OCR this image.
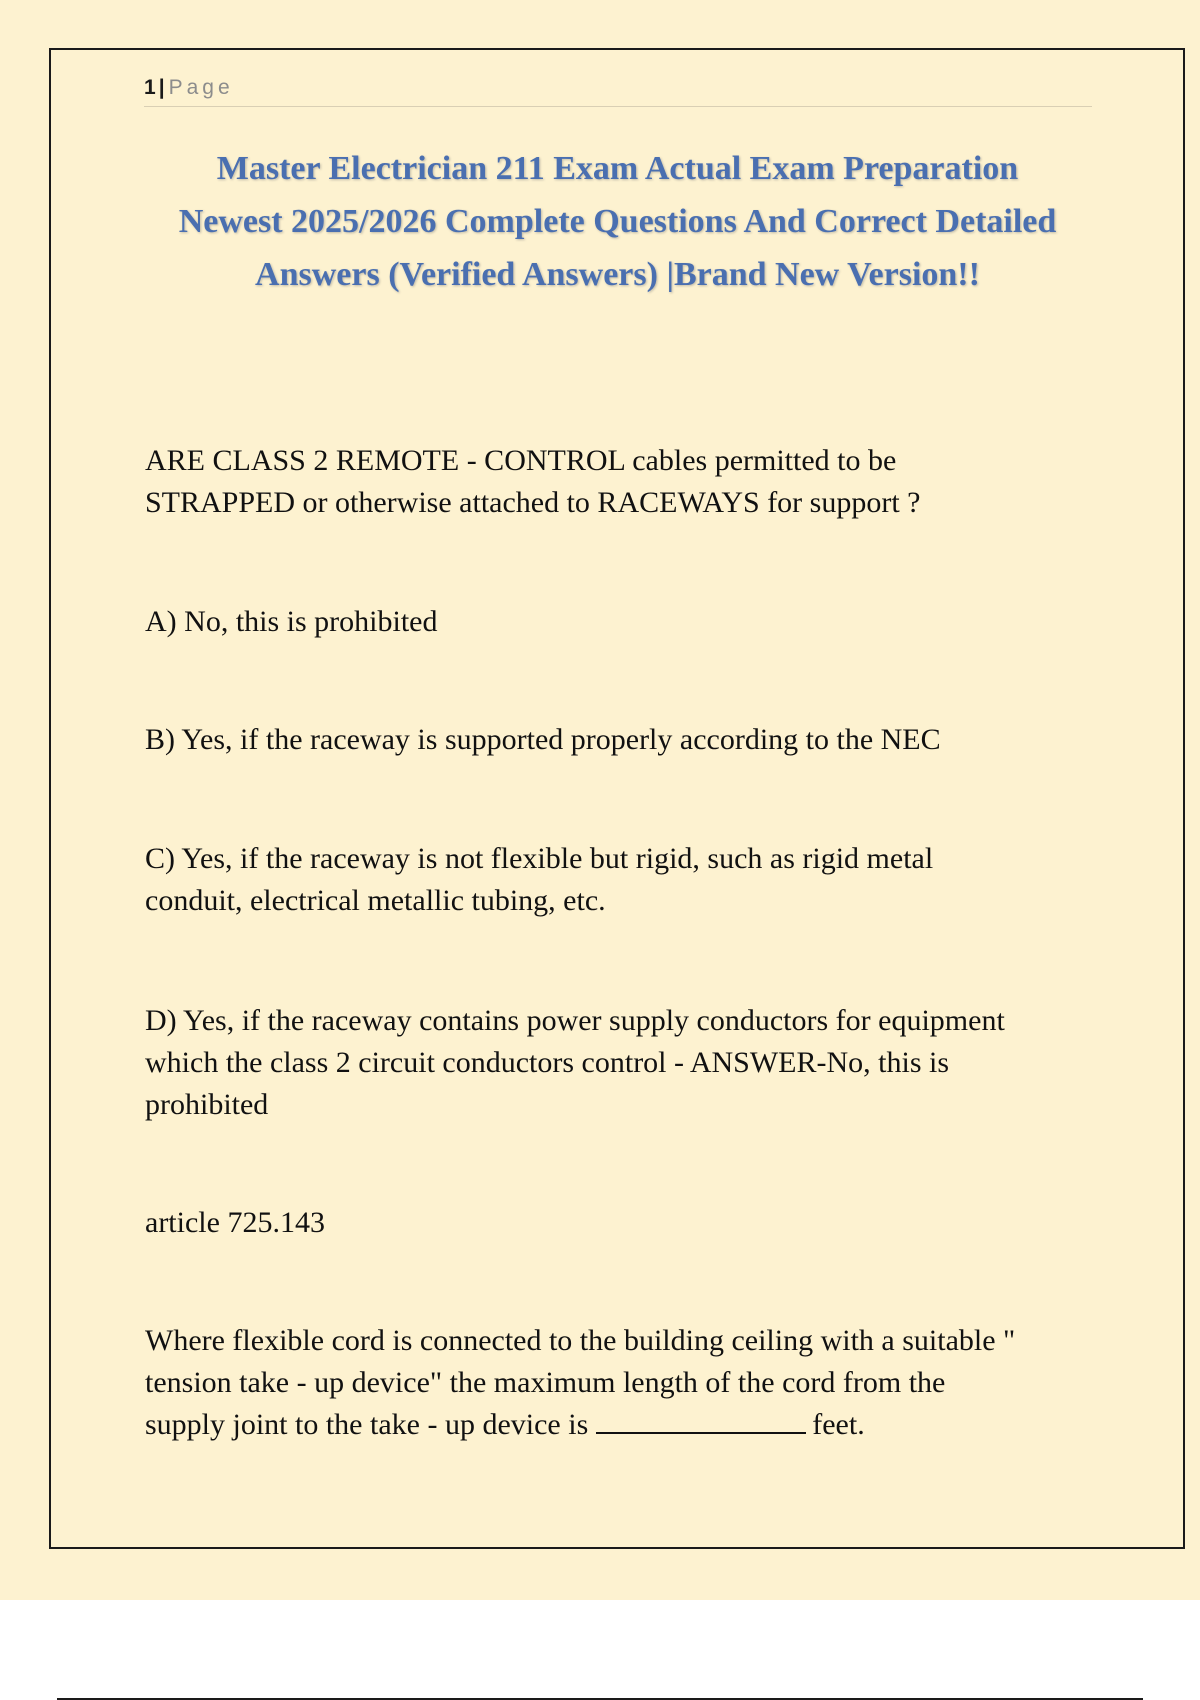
1 | Page
Master Electrician 211 Exam Actual Exam Preparation
Newest 2025/2026 Complete Questions And Correct Detailed
Answers (Verified Answers) |Brand New Version!!

ARE CLASS 2 REMOTE - CONTROL cables permitted to be
STRAPPED or otherwise attached to RACEWAYS for support ?

A) No, this is prohibited

B) Yes, if the raceway is supported properly according to the NEC

C) Yes, if the raceway is not flexible but rigid, such as rigid metal
conduit, electrical metallic tubing, etc.

D) Yes, if the raceway contains power supply conductors for equipment
which the class 2 circuit conductors control - ANSWER-No, this is
prohibited

article 725.143

Where flexible cord is connected to the building ceiling with a suitable "
tension take - up device" the maximum length of the cord from the
supply joint to the take - up device is	feet.
